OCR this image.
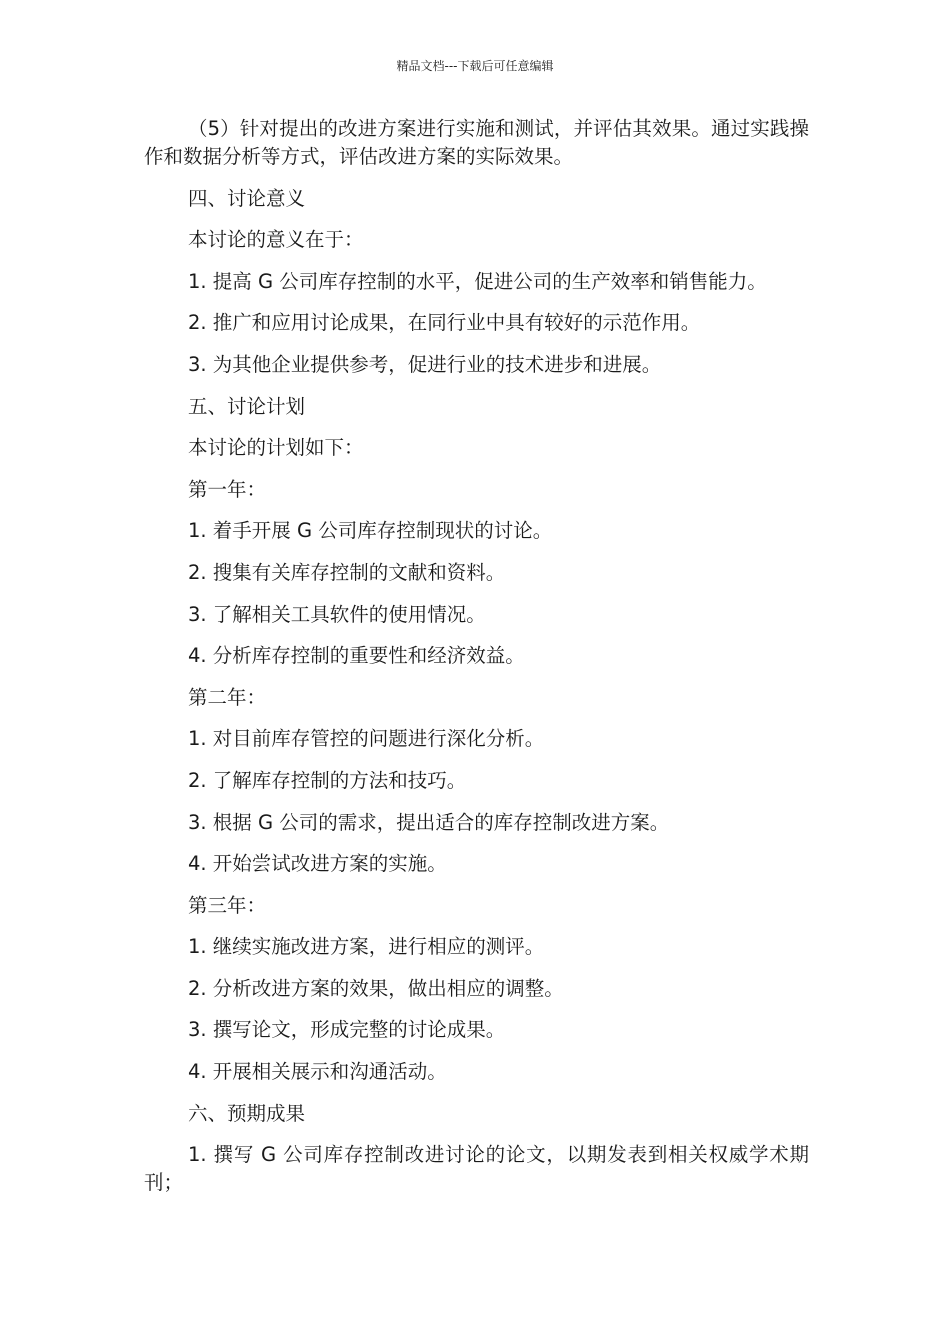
精品文档---下载后可任意编辑

（5）针对提出的改进方案进行实施和测试，并评估其效果。通过实践操作和数据分析等方式，评估改进方案的实际效果。

四、讨论意义

本讨论的意义在于：

1. 提高 G 公司库存控制的水平，促进公司的生产效率和销售能力。

2. 推广和应用讨论成果，在同行业中具有较好的示范作用。

3. 为其他企业提供参考，促进行业的技术进步和进展。

五、讨论计划

本讨论的计划如下：

第一年：

1. 着手开展 G 公司库存控制现状的讨论。

2. 搜集有关库存控制的文献和资料。

3. 了解相关工具软件的使用情况。

4. 分析库存控制的重要性和经济效益。

第二年：

1. 对目前库存管控的问题进行深化分析。

2. 了解库存控制的方法和技巧。

3. 根据 G 公司的需求，提出适合的库存控制改进方案。

4. 开始尝试改进方案的实施。

第三年：

1. 继续实施改进方案，进行相应的测评。

2. 分析改进方案的效果，做出相应的调整。

3. 撰写论文，形成完整的讨论成果。

4. 开展相关展示和沟通活动。

六、预期成果

1. 撰写 G 公司库存控制改进讨论的论文，以期发表到相关权威学术期刊；
